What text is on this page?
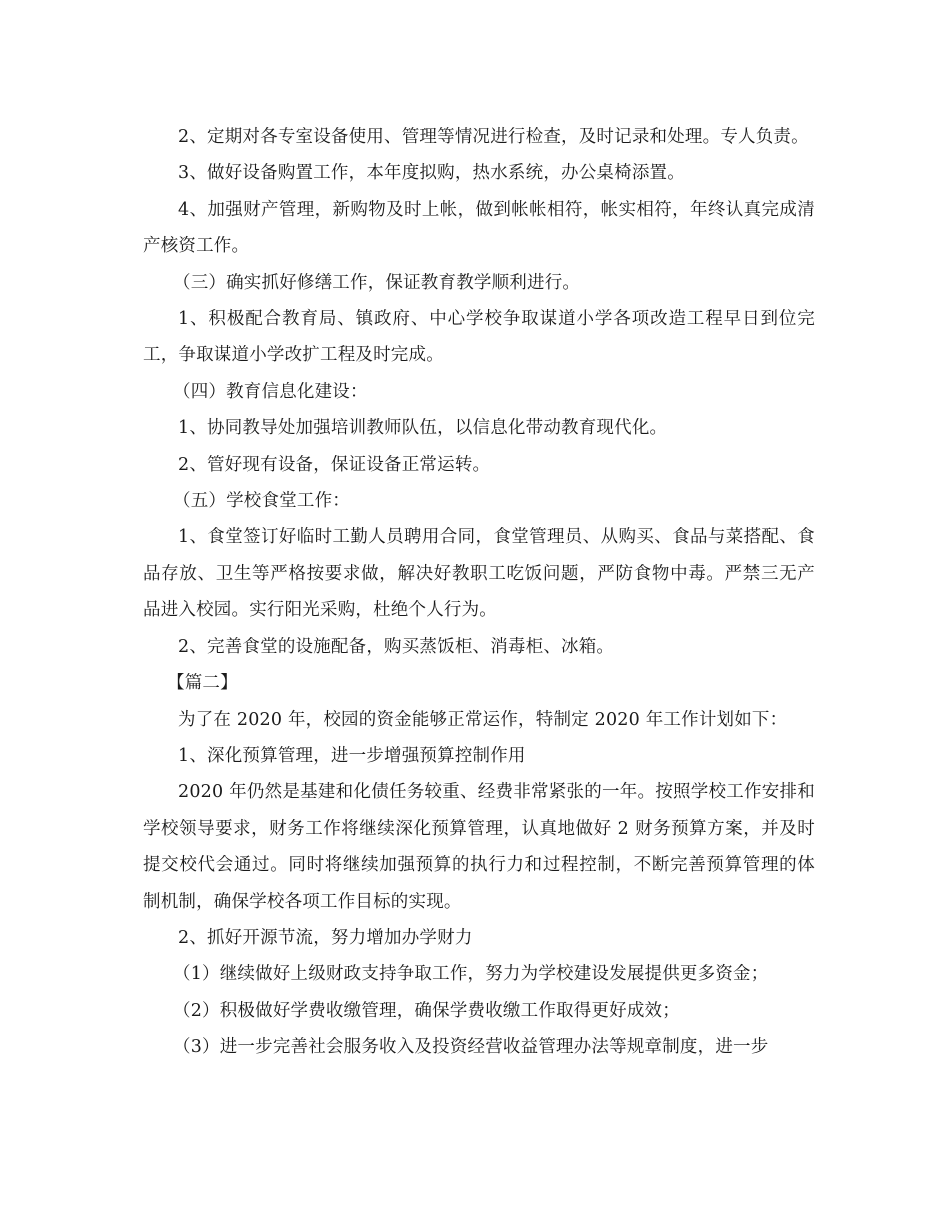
2、定期对各专室设备使用、管理等情况进行检查，及时记录和处理。专人负责。

3、做好设备购置工作，本年度拟购，热水系统，办公桌椅添置。

4、加强财产管理，新购物及时上帐，做到帐帐相符，帐实相符，年终认真完成清产核资工作。

（三）确实抓好修缮工作，保证教育教学顺利进行。

1、积极配合教育局、镇政府、中心学校争取谋道小学各项改造工程早日到位完工，争取谋道小学改扩工程及时完成。

（四）教育信息化建设：

1、协同教导处加强培训教师队伍，以信息化带动教育现代化。

2、管好现有设备，保证设备正常运转。

（五）学校食堂工作：

1、食堂签订好临时工勤人员聘用合同，食堂管理员、从购买、食品与菜搭配、食品存放、卫生等严格按要求做，解决好教职工吃饭问题，严防食物中毒。严禁三无产品进入校园。实行阳光采购，杜绝个人行为。

2、完善食堂的设施配备，购买蒸饭柜、消毒柜、冰箱。

【篇二】

为了在 2020 年，校园的资金能够正常运作，特制定 2020 年工作计划如下：

1、深化预算管理，进一步增强预算控制作用

2020 年仍然是基建和化债任务较重、经费非常紧张的一年。按照学校工作安排和学校领导要求，财务工作将继续深化预算管理，认真地做好 2 财务预算方案，并及时提交校代会通过。同时将继续加强预算的执行力和过程控制，不断完善预算管理的体制机制，确保学校各项工作目标的实现。

2、抓好开源节流，努力增加办学财力

（1）继续做好上级财政支持争取工作，努力为学校建设发展提供更多资金；

（2）积极做好学费收缴管理，确保学费收缴工作取得更好成效；

（3）进一步完善社会服务收入及投资经营收益管理办法等规章制度，进一步
